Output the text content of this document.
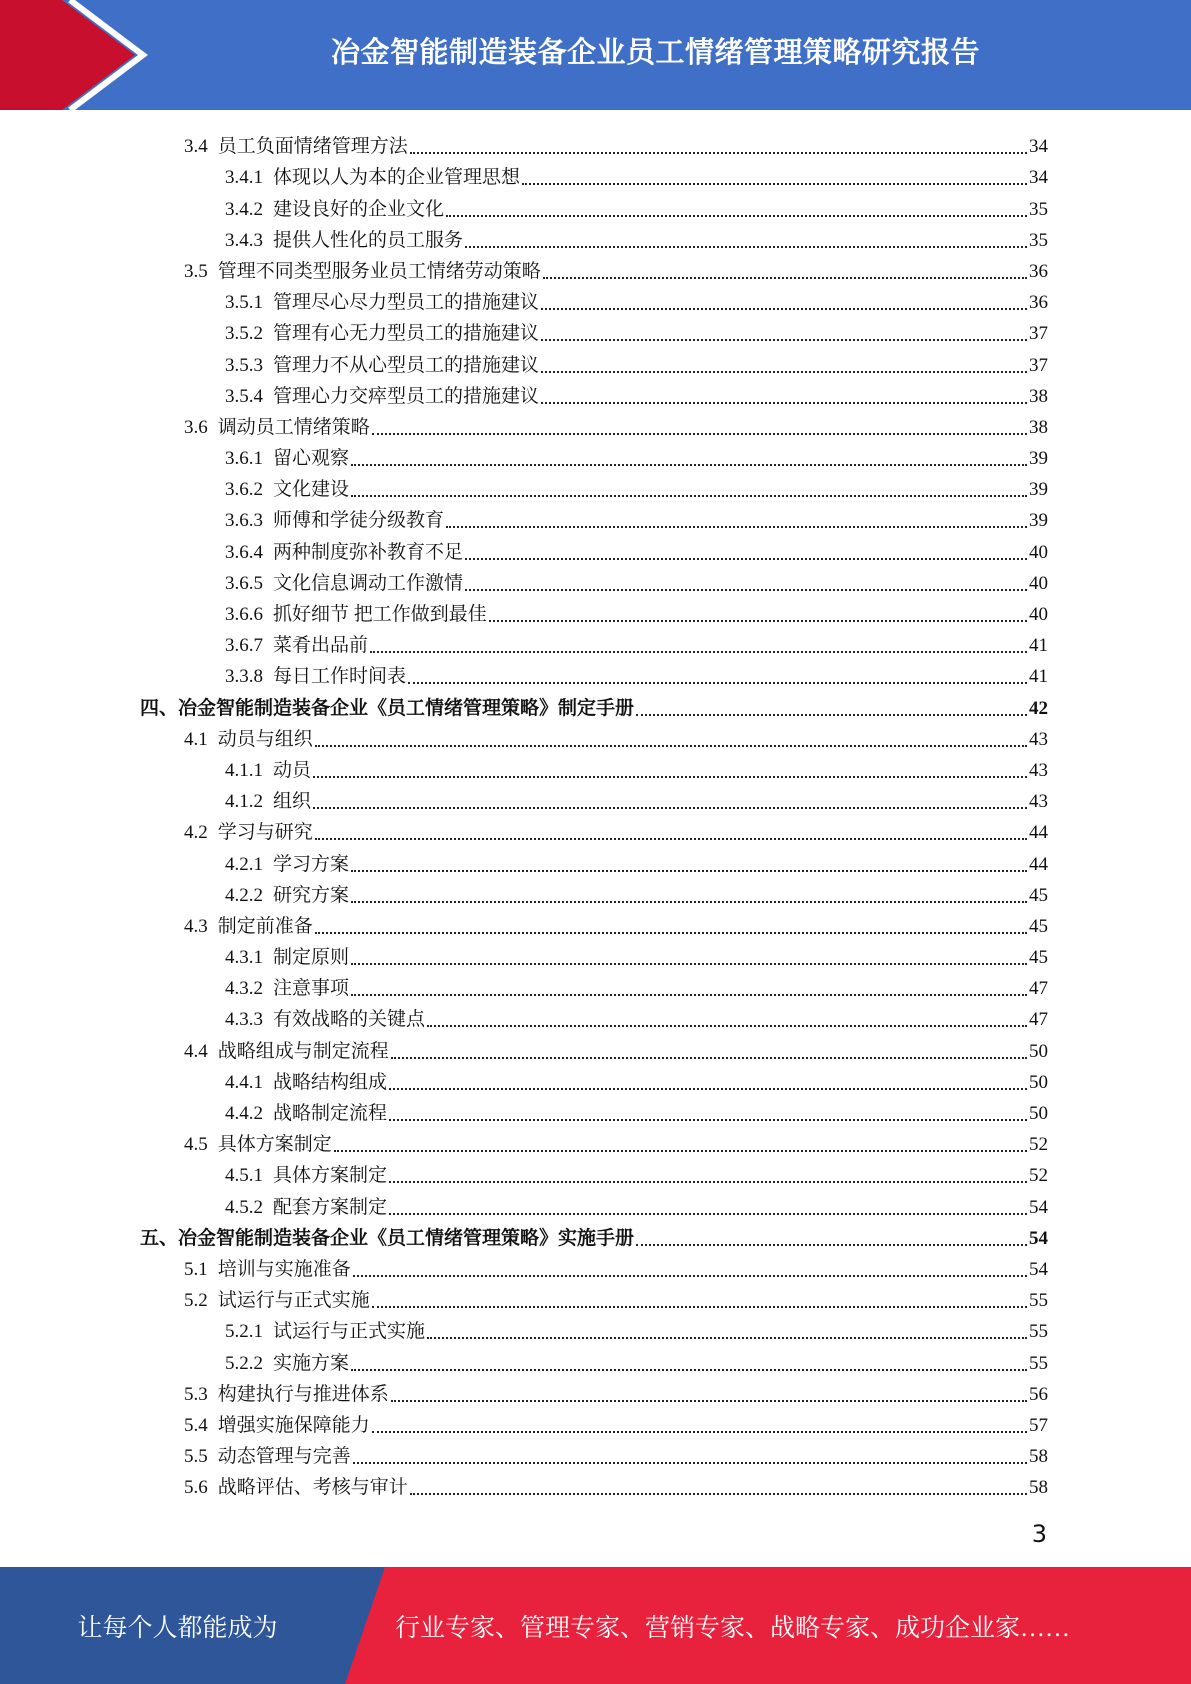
冶金智能制造装备企业员工情绪管理策略研究报告
3.4 员工负面情绪管理方法	34
3.4.1 体现以人为本的企业管理思想	34
3.4.2 建设良好的企业文化	35
3.4.3 提供人性化的员工服务	35
3.5 管理不同类型服务业员工情绪劳动策略	36
3.5.1 管理尽心尽力型员工的措施建议	36
3.5.2 管理有心无力型员工的措施建议	37
3.5.3 管理力不从心型员工的措施建议	37
3.5.4 管理心力交瘁型员工的措施建议	38
3.6 调动员工情绪策略	38
3.6.1 留心观察	39
3.6.2 文化建设	39
3.6.3 师傅和学徒分级教育	39
3.6.4 两种制度弥补教育不足	40
3.6.5 文化信息调动工作激情	40
3.6.6 抓好细节 把工作做到最佳	40
3.6.7 菜肴出品前	41
3.3.8 每日工作时间表	41
四、 冶金智能制造装备企业《员工情绪管理策略》制定手册	42
4.1 动员与组织	43
4.1.1 动员	43
4.1.2 组织	43
4.2 学习与研究	44
4.2.1 学习方案	44
4.2.2 研究方案	45
4.3 制定前准备	45
4.3.1 制定原则	45
4.3.2 注意事项	47
4.3.3 有效战略的关键点	47
4.4 战略组成与制定流程	50
4.4.1 战略结构组成	50
4.4.2 战略制定流程	50
4.5 具体方案制定	52
4.5.1 具体方案制定	52
4.5.2 配套方案制定	54
五、 冶金智能制造装备企业《员工情绪管理策略》实施手册	54
5.1 培训与实施准备	54
5.2 试运行与正式实施	55
5.2.1 试运行与正式实施	55
5.2.2 实施方案	55
5.3 构建执行与推进体系	56
5.4 增强实施保障能力	57
5.5 动态管理与完善	58
5.6 战略评估、考核与审计	58
3
让每个人都能成为	行业专家、管理专家、营销专家、战略专家、成功企业家……
